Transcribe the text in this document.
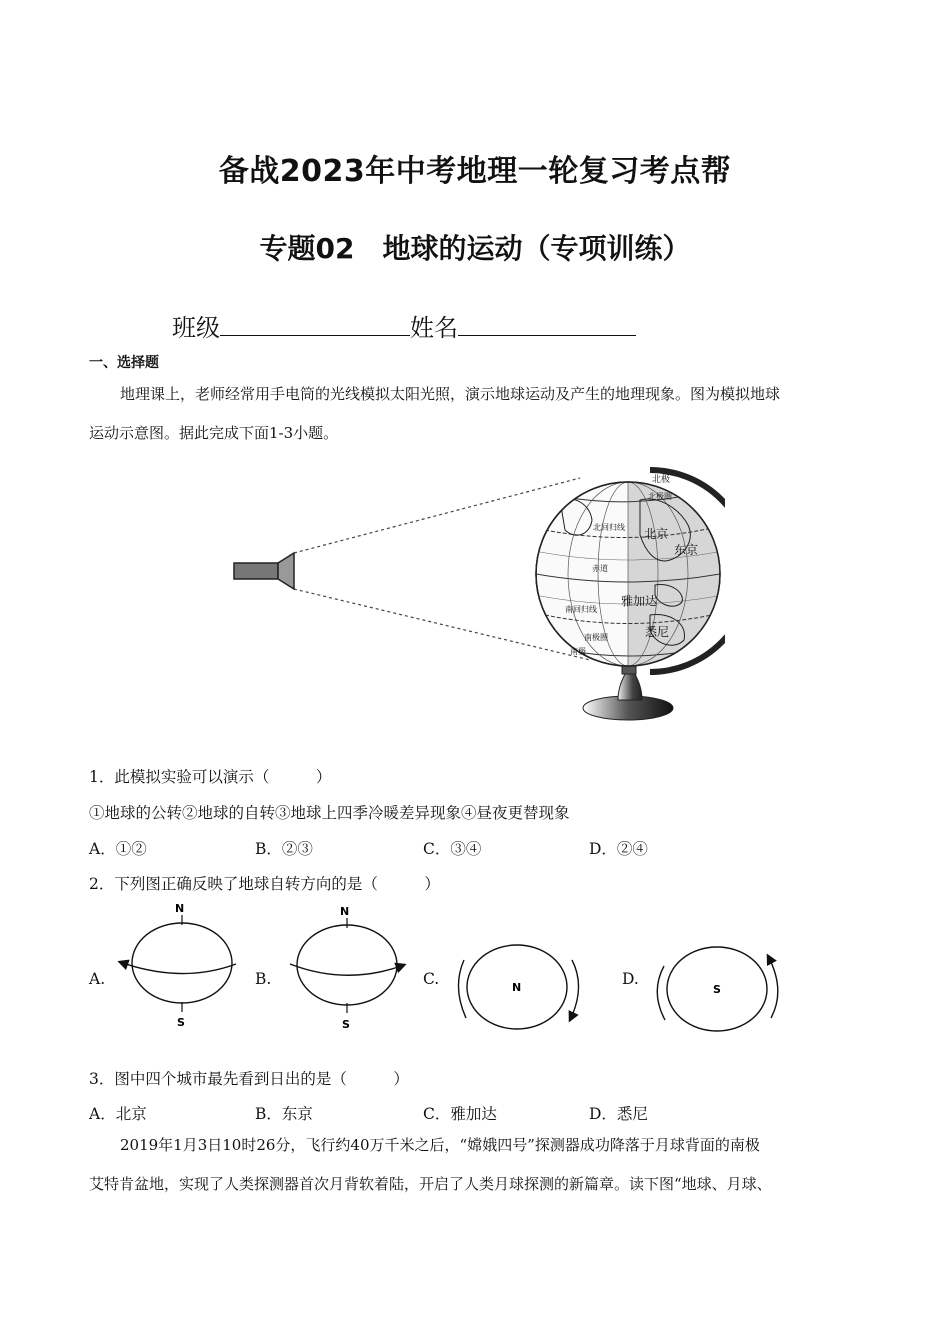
备战2023年中考地理一轮复习考点帮
专题02　地球的运动（专项训练）
班级	姓名
一、选择题
地理课上，老师经常用手电筒的光线模拟太阳光照，演示地球运动及产生的地理现象。图为模拟地球
运动示意图。据此完成下面1-3小题。
北极
北极圈
北回归线
赤道
南回归线
南极圈
南极
北京
东京
雅加达
悉尼
1．此模拟实验可以演示（　　　）
①地球的公转②地球的自转③地球上四季冷暖差异现象④昼夜更替现象
A．①②	B．②③	C．③④	D．②④
2．下列图正确反映了地球自转方向的是（　　　）
A.	B.	C.	D.
N
S
N
S
N	S
3．图中四个城市最先看到日出的是（　　　）
A．北京	B．东京	C．雅加达	D．悉尼
2019年1月3日10时26分，飞行约40万千米之后，“嫦娥四号”探测器成功降落于月球背面的南极
艾特肯盆地，实现了人类探测器首次月背软着陆，开启了人类月球探测的新篇章。读下图“地球、月球、
